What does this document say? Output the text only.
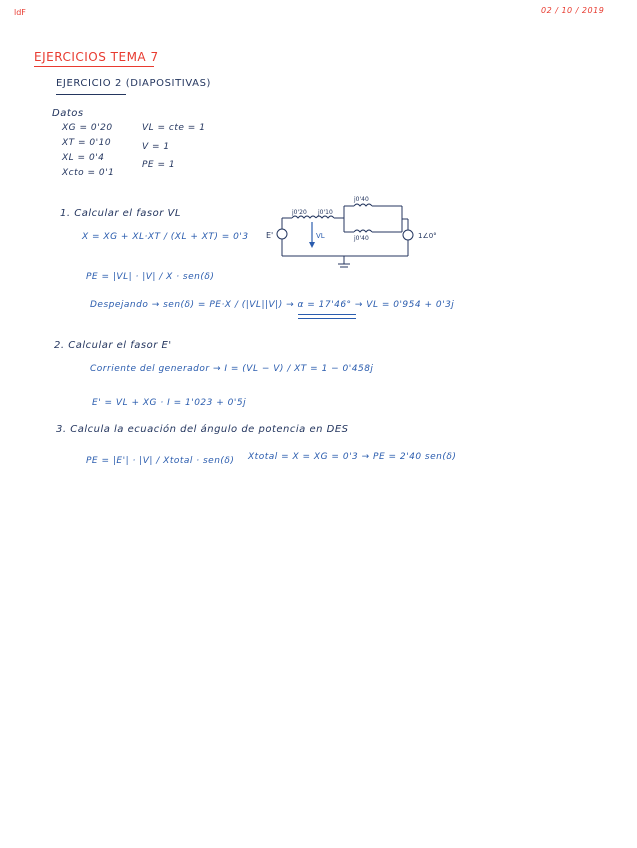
ldF	02 / 10 / 2019
EJERCICIOS TEMA 7
EJERCICIO 2 (DIAPOSITIVAS)
Datos
XG = 0'20
XT = 0'10
XL = 0'4
Xcto = 0'1
VL = cte = 1
V = 1
PE = 1
1. Calcular el fasor VL
X = XG + XL·XT / (XL + XT) = 0'3
PE = |VL| · |V| / X · sen(δ)
Despejando → sen(δ) = PE·X / (|VL||V|) → α = 17'46° → VL = 0'954 + 0'3j
E'
j0'20 j0'10
j0'40
j0'40
VL	1∠0°
2. Calcular el fasor E'
Corriente del generador → I = (VL − V) / XT = 1 − 0'458j
E' = VL + XG · I = 1'023 + 0'5j
3. Calcula la ecuación del ángulo de potencia en DES
PE = |E'| · |V| / Xtotal · sen(δ) Xtotal = X = XG = 0'3 → PE = 2'40 sen(δ)
